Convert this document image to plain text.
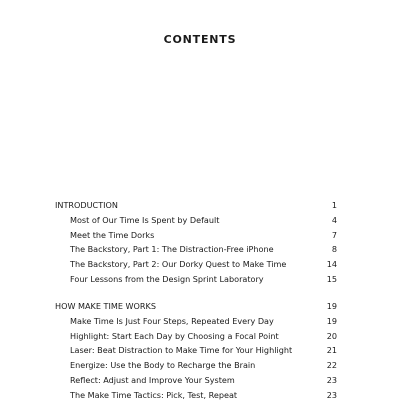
CONTENTS
INTRODUCTION	1
Most of Our Time Is Spent by Default	4
Meet the Time Dorks	7
The Backstory, Part 1: The Distraction-Free iPhone	8
The Backstory, Part 2: Our Dorky Quest to Make Time	14
Four Lessons from the Design Sprint Laboratory	15
HOW MAKE TIME WORKS	19
Make Time Is Just Four Steps, Repeated Every Day	19
Highlight: Start Each Day by Choosing a Focal Point	20
Laser: Beat Distraction to Make Time for Your Highlight	21
Energize: Use the Body to Recharge the Brain	22
Reflect: Adjust and Improve Your System	23
The Make Time Tactics: Pick, Test, Repeat	23
